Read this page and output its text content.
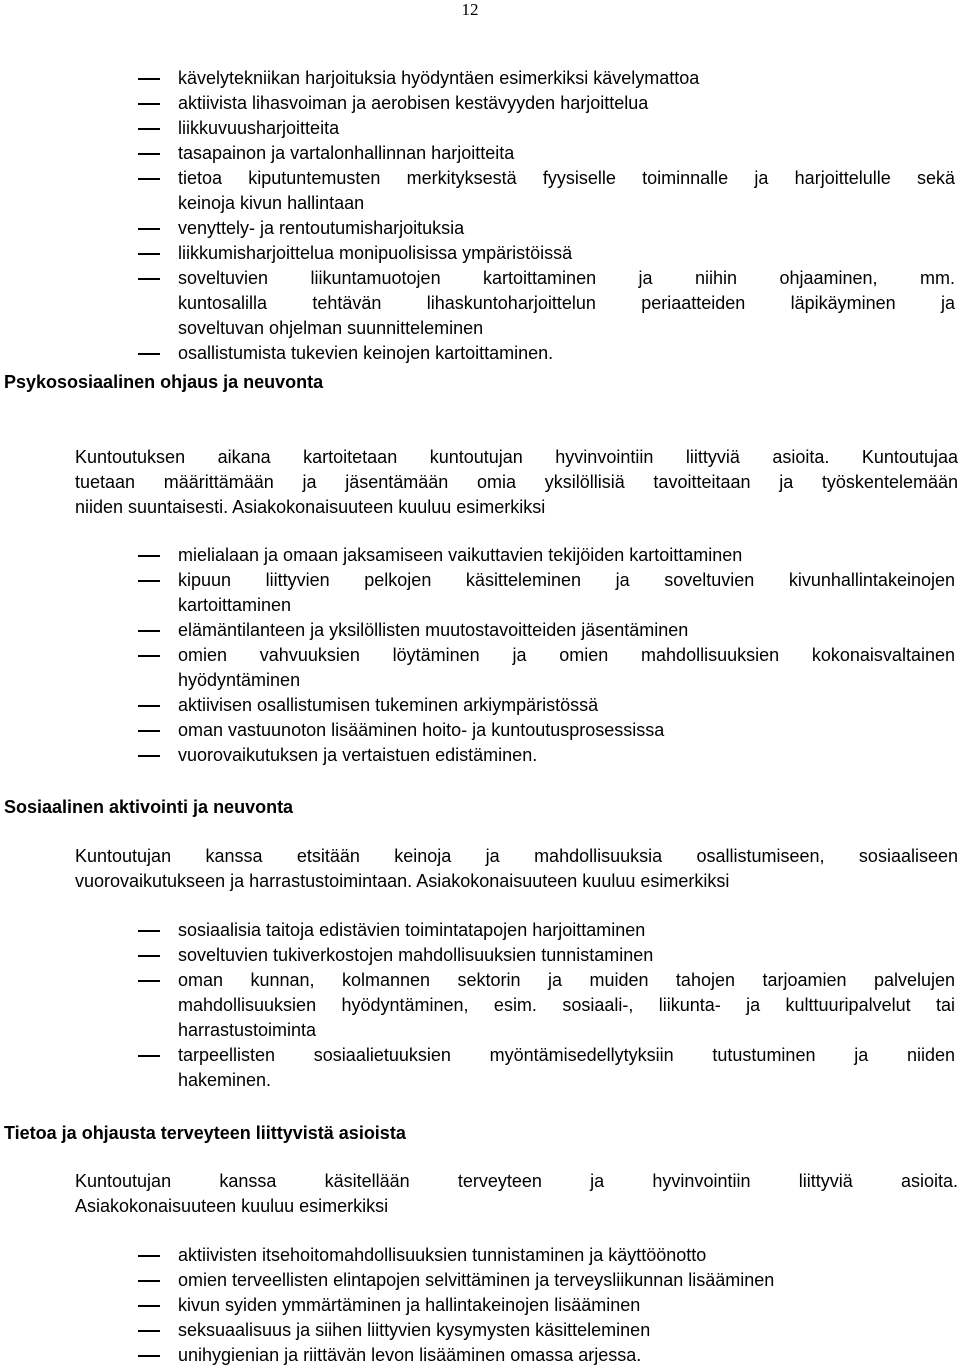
12
kävelytekniikan harjoituksia hyödyntäen esimerkiksi kävelymattoa
aktiivista lihasvoiman ja aerobisen kestävyyden harjoittelua
liikkuvuusharjoitteita
tasapainon ja vartalonhallinnan harjoitteita
tietoa kiputuntemusten merkityksestä fyysiselle toiminnalle ja harjoittelulle sekä
keinoja kivun hallintaan
venyttely- ja rentoutumisharjoituksia
liikkumisharjoittelua monipuolisissa ympäristöissä
soveltuvien liikuntamuotojen kartoittaminen ja niihin ohjaaminen, mm.
kuntosalilla tehtävän lihaskuntoharjoittelun periaatteiden läpikäyminen ja
soveltuvan ohjelman suunnitteleminen
osallistumista tukevien keinojen kartoittaminen.
Psykososiaalinen ohjaus ja neuvonta

Kuntoutuksen aikana kartoitetaan kuntoutujan hyvinvointiin liittyviä asioita. Kuntoutujaa
tuetaan määrittämään ja jäsentämään omia yksilöllisiä tavoitteitaan ja työskentelemään
niiden suuntaisesti. Asiakokonaisuuteen kuuluu esimerkiksi

mielialaan ja omaan jaksamiseen vaikuttavien tekijöiden kartoittaminen
kipuun liittyvien pelkojen käsitteleminen ja soveltuvien kivunhallintakeinojen
kartoittaminen
elämäntilanteen ja yksilöllisten muutostavoitteiden jäsentäminen
omien vahvuuksien löytäminen ja omien mahdollisuuksien kokonaisvaltainen
hyödyntäminen
aktiivisen osallistumisen tukeminen arkiympäristössä
oman vastuunoton lisääminen hoito- ja kuntoutusprosessissa
vuorovaikutuksen ja vertaistuen edistäminen.
Sosiaalinen aktivointi ja neuvonta

Kuntoutujan kanssa etsitään keinoja ja mahdollisuuksia osallistumiseen, sosiaaliseen
vuorovaikutukseen ja harrastustoimintaan. Asiakokonaisuuteen kuuluu esimerkiksi

sosiaalisia taitoja edistävien toimintatapojen harjoittaminen
soveltuvien tukiverkostojen mahdollisuuksien tunnistaminen
oman kunnan, kolmannen sektorin ja muiden tahojen tarjoamien palvelujen
mahdollisuuksien hyödyntäminen, esim. sosiaali-, liikunta- ja kulttuuripalvelut tai
harrastustoiminta
tarpeellisten sosiaalietuuksien myöntämisedellytyksiin tutustuminen ja niiden
hakeminen.
Tietoa ja ohjausta terveyteen liittyvistä asioista

Kuntoutujan kanssa käsitellään terveyteen ja hyvinvointiin liittyviä asioita.
Asiakokonaisuuteen kuuluu esimerkiksi

aktiivisten itsehoitomahdollisuuksien tunnistaminen ja käyttöönotto
omien terveellisten elintapojen selvittäminen ja terveysliikunnan lisääminen
kivun syiden ymmärtäminen ja hallintakeinojen lisääminen
seksuaalisuus ja siihen liittyvien kysymysten käsitteleminen
unihygienian ja riittävän levon lisääminen omassa arjessa.
